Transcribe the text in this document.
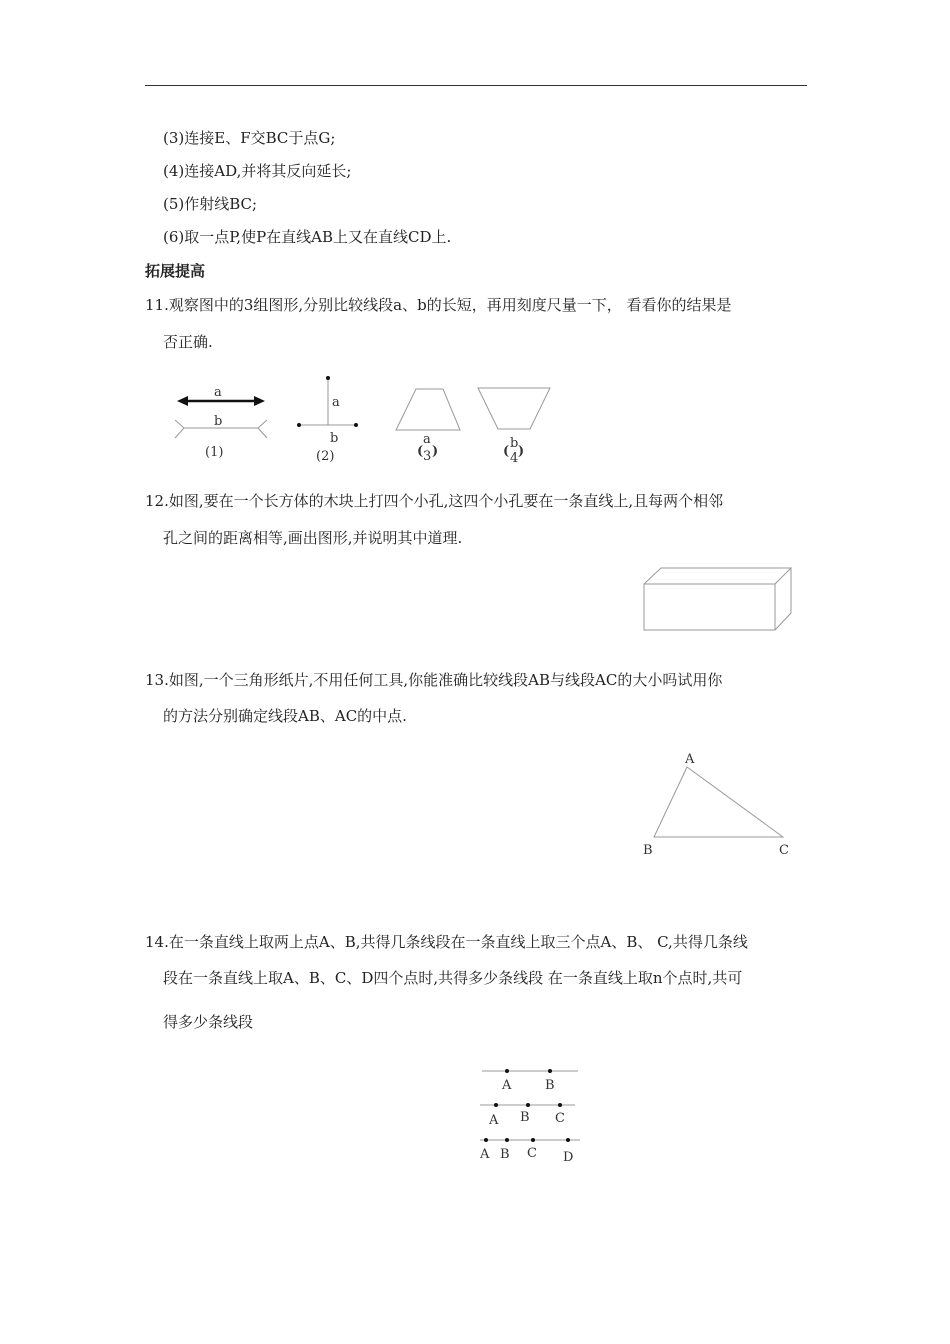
(3)连接E、F交BC于点G;
(4)连接AD,并将其反向延长;
(5)作射线BC;
(6)取一点P,使P在直线AB上又在直线CD上.
拓展提高
11.观察图中的3组图形,分别比较线段a、b的长短，再用刻度尺量一下， 看看你的结果是
否正确.
a
b
(1)
a
b
(2)
a
( 3 )
b
( 4 )
12.如图,要在一个长方体的木块上打四个小孔,这四个小孔要在一条直线上,且每两个相邻
孔之间的距离相等,画出图形,并说明其中道理.
13.如图,一个三角形纸片,不用任何工具,你能准确比较线段AB与线段AC的大小吗试用你
的方法分别确定线段AB、AC的中点.
A
B	C
14.在一条直线上取两上点A、B,共得几条线段在一条直线上取三个点A、B、 C,共得几条线
段在一条直线上取A、B、C、D四个点时,共得多少条线段 在一条直线上取n个点时,共可
得多少条线段
A	B
A B C
A B C D
